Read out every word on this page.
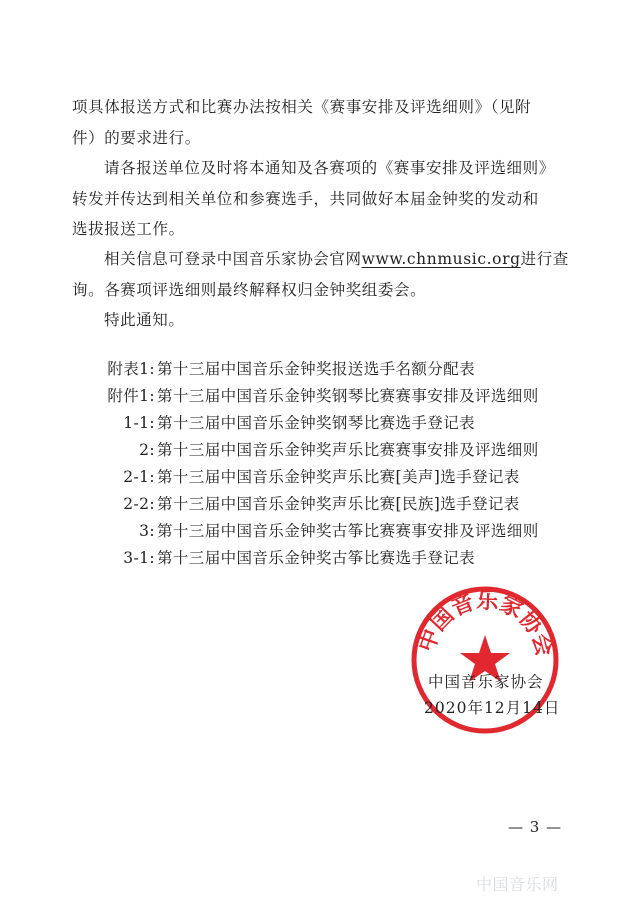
项具体报送方式和比赛办法按相关《赛事安排及评选细则》（见附
件）的要求进行。
请各报送单位及时将本通知及各赛项的《赛事安排及评选细则》
转发并传达到相关单位和参赛选手，共同做好本届金钟奖的发动和
选拔报送工作。
相关信息可登录中国音乐家协会官网www.chnmusic.org进行查
询。各赛项评选细则最终解释权归金钟奖组委会。
特此通知。
附表1: 第十三届中国音乐金钟奖报送选手名额分配表
附件1: 第十三届中国音乐金钟奖钢琴比赛赛事安排及评选细则
1-1: 第十三届中国音乐金钟奖钢琴比赛选手登记表
2: 第十三届中国音乐金钟奖声乐比赛赛事安排及评选细则
2-1: 第十三届中国音乐金钟奖声乐比赛[美声]选手登记表
2-2: 第十三届中国音乐金钟奖声乐比赛[民族]选手登记表
3: 第十三届中国音乐金钟奖古筝比赛赛事安排及评选细则
3-1: 第十三届中国音乐金钟奖古筝比赛选手登记表
中国音乐家协会
中国音乐家协会
2020年12月14日
— 3 —
中国音乐网
